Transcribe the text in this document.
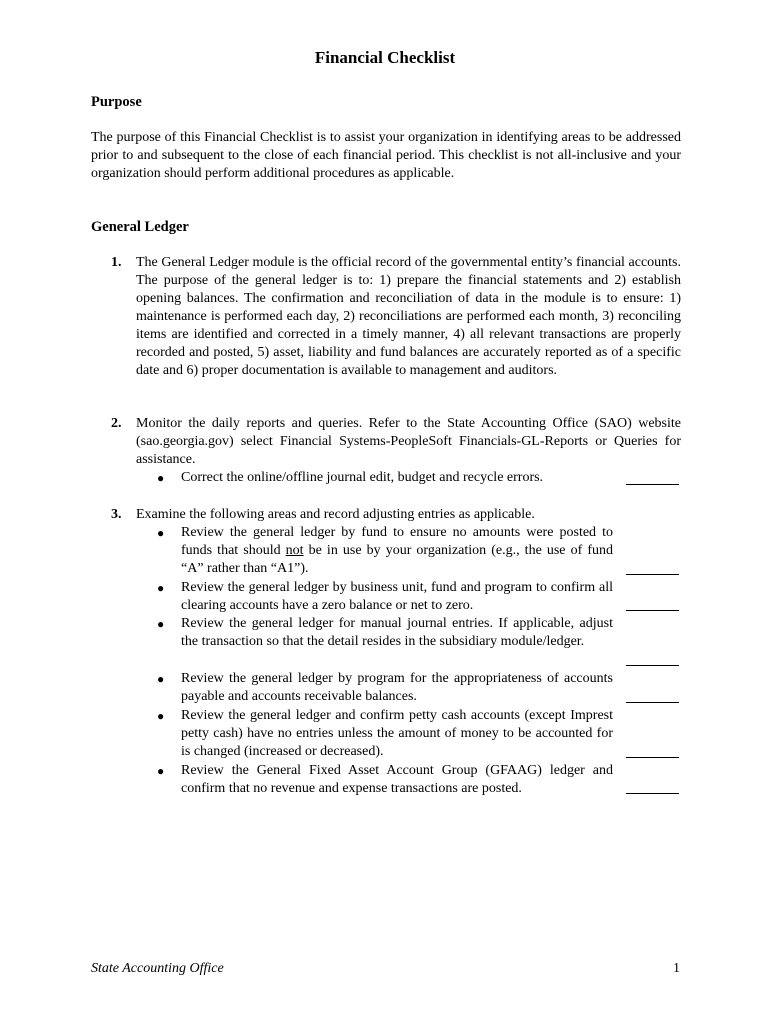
Financial Checklist
Purpose
The purpose of this Financial Checklist is to assist your organization in identifying areas to be addressed prior to and subsequent to the close of each financial period. This checklist is not all-inclusive and your organization should perform additional procedures as applicable.
General Ledger
1. The General Ledger module is the official record of the governmental entity’s financial accounts. The purpose of the general ledger is to: 1) prepare the financial statements and 2) establish opening balances. The confirmation and reconciliation of data in the module is to ensure: 1) maintenance is performed each day, 2) reconciliations are performed each month, 3) reconciling items are identified and corrected in a timely manner, 4) all relevant transactions are properly recorded and posted, 5) asset, liability and fund balances are accurately reported as of a specific date and 6) proper documentation is available to management and auditors.
2. Monitor the daily reports and queries. Refer to the State Accounting Office (SAO) website (sao.georgia.gov) select Financial Systems-PeopleSoft Financials-GL-Reports or Queries for assistance.
● Correct the online/offline journal edit, budget and recycle errors.
3. Examine the following areas and record adjusting entries as applicable.
● Review the general ledger by fund to ensure no amounts were posted to funds that should not be in use by your organization (e.g., the use of fund “A” rather than “A1”).
● Review the general ledger by business unit, fund and program to confirm all clearing accounts have a zero balance or net to zero.
● Review the general ledger for manual journal entries. If applicable, adjust the transaction so that the detail resides in the subsidiary module/ledger.
● Review the general ledger by program for the appropriateness of accounts payable and accounts receivable balances.
● Review the general ledger and confirm petty cash accounts (except Imprest petty cash) have no entries unless the amount of money to be accounted for is changed (increased or decreased).
● Review the General Fixed Asset Account Group (GFAAG) ledger and confirm that no revenue and expense transactions are posted.
State Accounting Office	1
